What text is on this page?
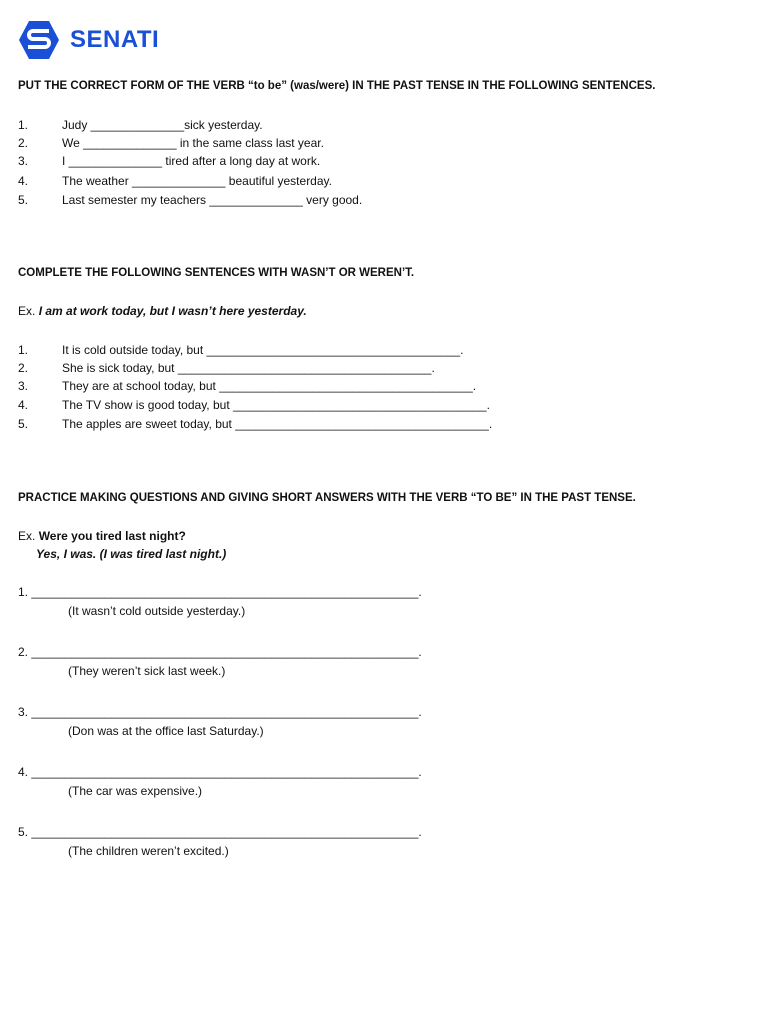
SENATI
PUT THE CORRECT FORM OF THE VERB “to be” (was/were) IN THE PAST TENSE IN THE FOLLOWING SENTENCES.
1.	Judy ______________sick yesterday.
2.	We ______________ in the same class last year.
3.	I ______________ tired after a long day at work.
4.	The weather ______________ beautiful yesterday.
5.	Last semester my teachers ______________ very good.
COMPLETE THE FOLLOWING SENTENCES WITH WASN’T OR WEREN’T.
Ex. I am at work today, but I wasn’t here yesterday.
1.	It is cold outside today, but ______________________________________.
2.	She is sick today, but ______________________________________.
3.	They are at school today, but ______________________________________.
4.	The TV show is good today, but ______________________________________.
5.	The apples are sweet today, but ______________________________________.
PRACTICE MAKING QUESTIONS AND GIVING SHORT ANSWERS WITH THE VERB “TO BE” IN THE PAST TENSE.
Ex. Were you tired last night?
Yes, I was. (I was tired last night.)
1. __________________________________________________________.
(It wasn’t cold outside yesterday.)
2. __________________________________________________________.
(They weren’t sick last week.)
3. __________________________________________________________.
(Don was at the office last Saturday.)
4. __________________________________________________________.
(The car was expensive.)
5. __________________________________________________________.
(The children weren’t excited.)
